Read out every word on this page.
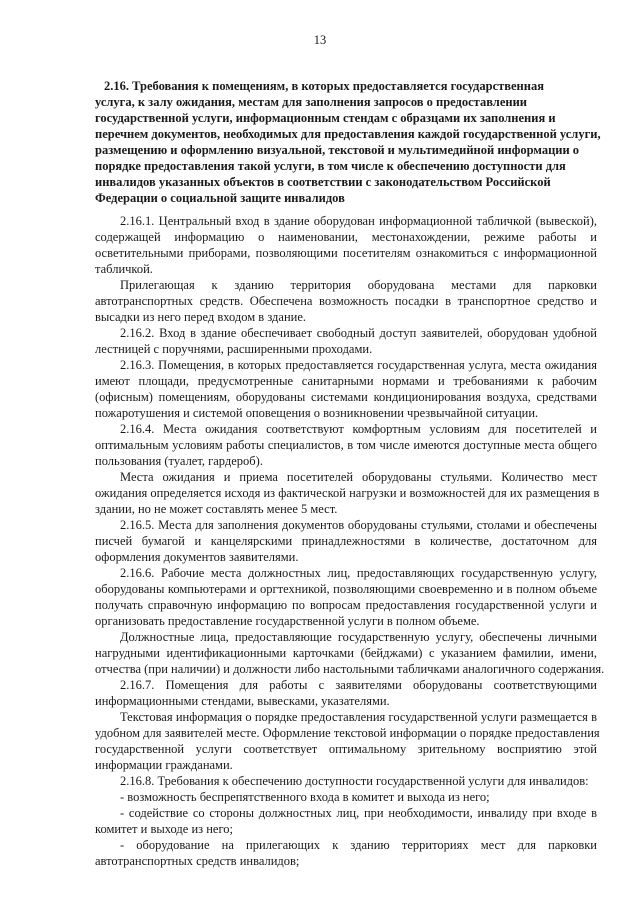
13
2.16. Требования к помещениям, в которых предоставляется государственная
услуга, к залу ожидания, местам для заполнения запросов о предоставлении
государственной услуги, информационным стендам с образцами их заполнения и
перечнем документов, необходимых для предоставления каждой государственной услуги,
размещению и оформлению визуальной, текстовой и мультимедийной информации о
порядке предоставления такой услуги, в том числе к обеспечению доступности для
инвалидов указанных объектов в соответствии с законодательством Российской
Федерации о социальной защите инвалидов
2.16.1. Центральный вход в здание оборудован информационной табличкой (вывеской),
содержащей информацию о наименовании, местонахождении, режиме работы и
осветительными приборами, позволяющими посетителям ознакомиться с информационной
табличкой.
Прилегающая к зданию территория оборудована местами для парковки
автотранспортных средств. Обеспечена возможность посадки в транспортное средство и
высадки из него перед входом в здание.
2.16.2. Вход в здание обеспечивает свободный доступ заявителей, оборудован удобной
лестницей с поручнями, расширенными проходами.
2.16.3. Помещения, в которых предоставляется государственная услуга, места ожидания
имеют площади, предусмотренные санитарными нормами и требованиями к рабочим
(офисным) помещениям, оборудованы системами кондиционирования воздуха, средствами
пожаротушения и системой оповещения о возникновении чрезвычайной ситуации.
2.16.4. Места ожидания соответствуют комфортным условиям для посетителей и
оптимальным условиям работы специалистов, в том числе имеются доступные места общего
пользования (туалет, гардероб).
Места ожидания и приема посетителей оборудованы стульями. Количество мест
ожидания определяется исходя из фактической нагрузки и возможностей для их размещения в
здании, но не может составлять менее 5 мест.
2.16.5. Места для заполнения документов оборудованы стульями, столами и обеспечены
писчей бумагой и канцелярскими принадлежностями в количестве, достаточном для
оформления документов заявителями.
2.16.6. Рабочие места должностных лиц, предоставляющих государственную услугу,
оборудованы компьютерами и оргтехникой, позволяющими своевременно и в полном объеме
получать справочную информацию по вопросам предоставления государственной услуги и
организовать предоставление государственной услуги в полном объеме.
Должностные лица, предоставляющие государственную услугу, обеспечены личными
нагрудными идентификационными карточками (бейджами) с указанием фамилии, имени,
отчества (при наличии) и должности либо настольными табличками аналогичного содержания.
2.16.7. Помещения для работы с заявителями оборудованы соответствующими
информационными стендами, вывесками, указателями.
Текстовая информация о порядке предоставления государственной услуги размещается в
удобном для заявителей месте. Оформление текстовой информации о порядке предоставления
государственной услуги соответствует оптимальному зрительному восприятию этой
информации гражданами.
2.16.8. Требования к обеспечению доступности государственной услуги для инвалидов:
- возможность беспрепятственного входа в комитет и выхода из него;
- содействие со стороны должностных лиц, при необходимости, инвалиду при входе в
комитет и выходе из него;
- оборудование на прилегающих к зданию территориях мест для парковки
автотранспортных средств инвалидов;
